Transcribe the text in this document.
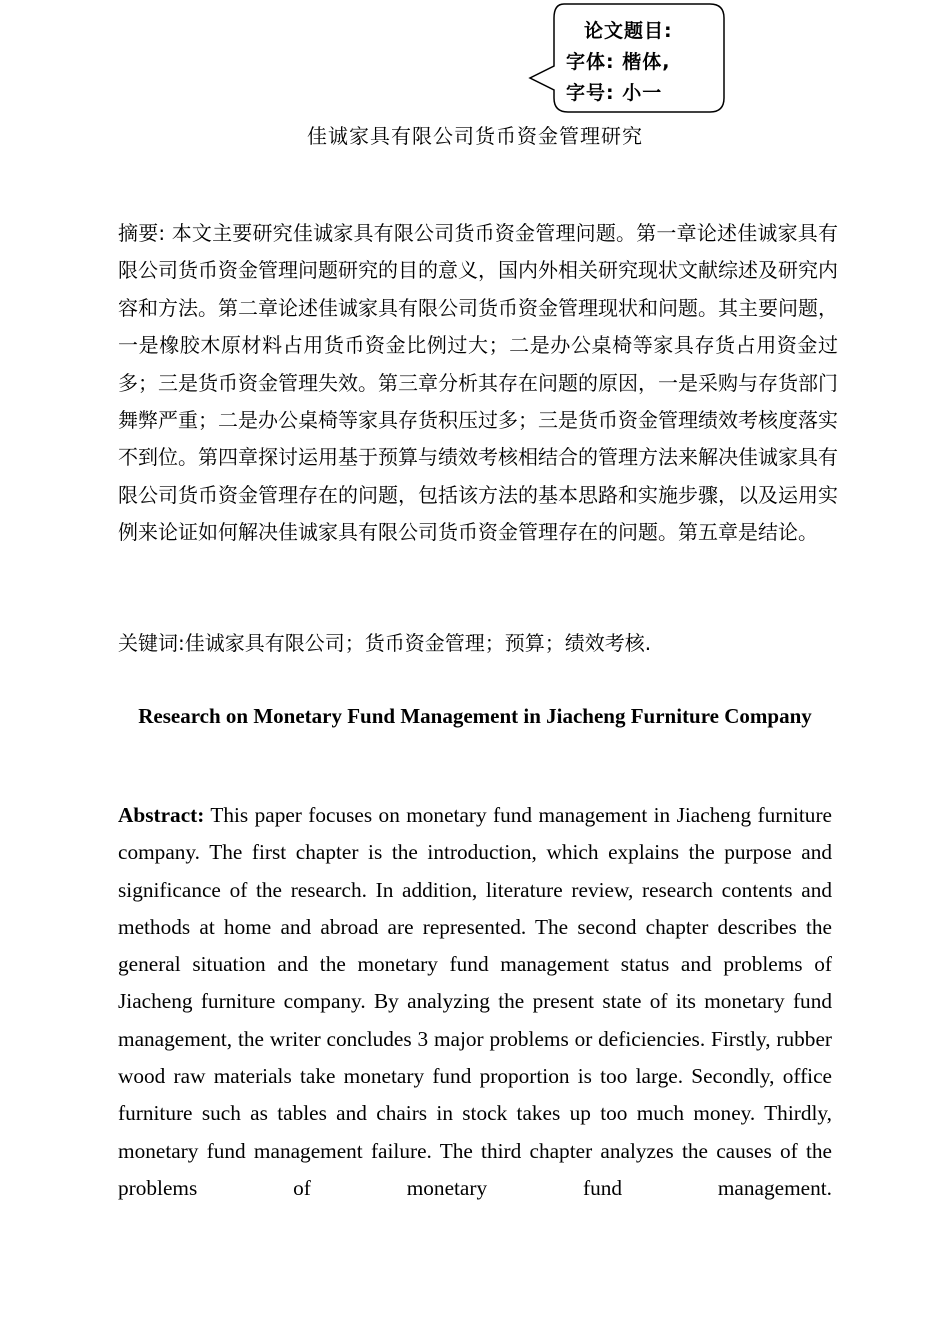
论文题目:
字体: 楷体,
字号: 小一
佳诚家具有限公司货币资金管理研究

摘要: 本文主要研究佳诚家具有限公司货币资金管理问题。第一章论述佳诚家具有限公司货币资金管理问题研究的目的意义，国内外相关研究现状文献综述及研究内容和方法。第二章论述佳诚家具有限公司货币资金管理现状和问题。其主要问题，一是橡胶木原材料占用货币资金比例过大；二是办公桌椅等家具存货占用资金过多；三是货币资金管理失效。第三章分析其存在问题的原因，一是采购与存货部门舞弊严重；二是办公桌椅等家具存货积压过多；三是货币资金管理绩效考核度落实不到位。第四章探讨运用基于预算与绩效考核相结合的管理方法来解决佳诚家具有限公司货币资金管理存在的问题，包括该方法的基本思路和实施步骤，以及运用实例来论证如何解决佳诚家具有限公司货币资金管理存在的问题。第五章是结论。

关键词:佳诚家具有限公司；货币资金管理；预算；绩效考核.

Research on Monetary Fund Management in Jiacheng Furniture Company

Abstract: This paper focuses on monetary fund management in Jiacheng furniture company. The first chapter is the introduction, which explains the purpose and significance of the research. In addition, literature review, research contents and methods at home and abroad are represented. The second chapter describes the general situation and the monetary fund management status and problems of Jiacheng furniture company. By analyzing the present state of its monetary fund management, the writer concludes 3 major problems or deficiencies. Firstly, rubber wood raw materials take monetary fund proportion is too large. Secondly, office furniture such as tables and chairs in stock takes up too much money. Thirdly, monetary fund management failure. The third chapter analyzes the causes of the problems of monetary fund management.
